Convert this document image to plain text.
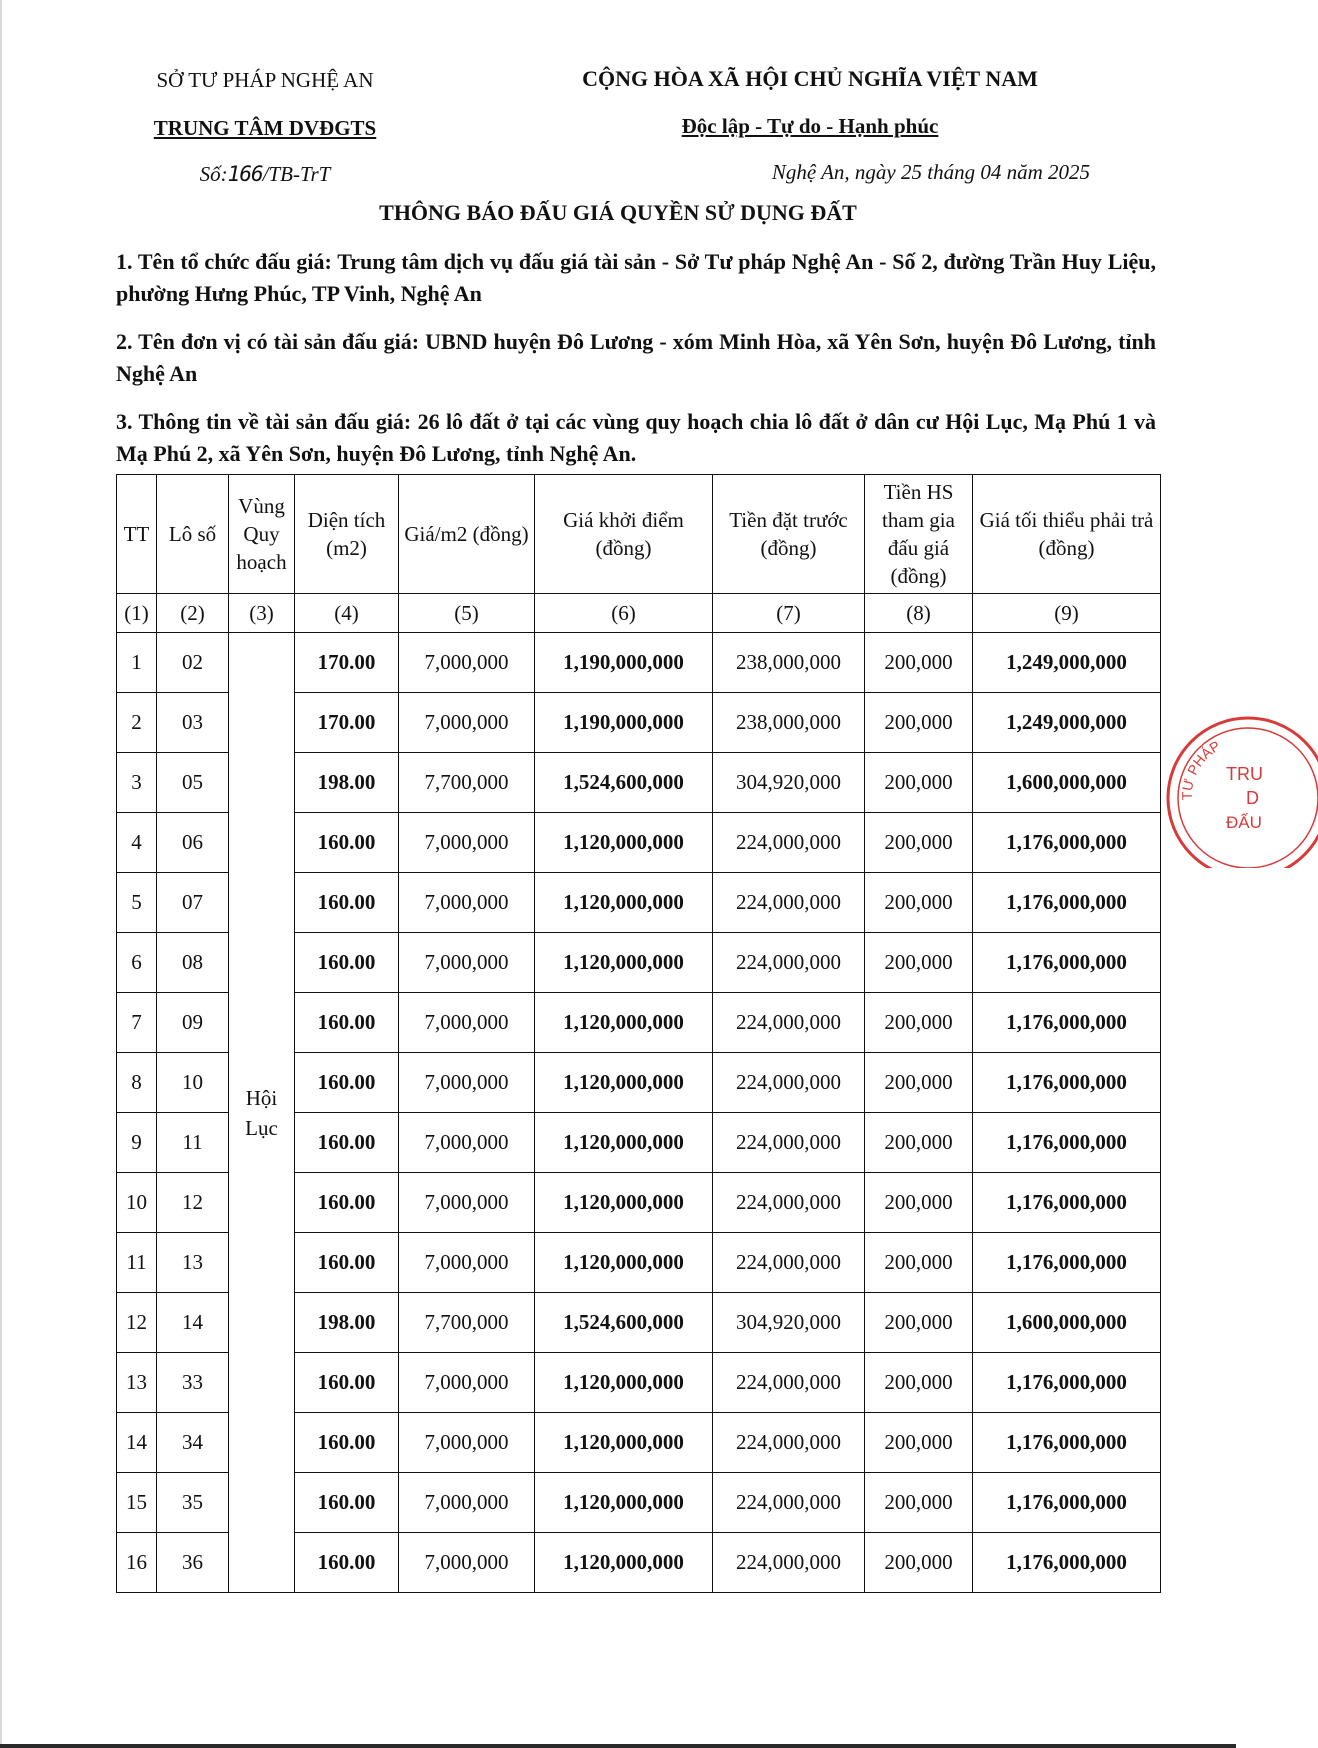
SỞ TƯ PHÁP NGHỆ AN
TRUNG TÂM DVĐGTS
Số:166/TB-TrT
CỘNG HÒA XÃ HỘI CHỦ NGHĨA VIỆT NAM
Độc lập - Tự do - Hạnh phúc
Nghệ An, ngày 25 tháng 04 năm 2025
THÔNG BÁO ĐẤU GIÁ QUYỀN SỬ DỤNG ĐẤT
1. Tên tổ chức đấu giá: Trung tâm dịch vụ đấu giá tài sản - Sở Tư pháp Nghệ An - Số 2, đường Trần Huy Liệu, phường Hưng Phúc, TP Vinh, Nghệ An
2. Tên đơn vị có tài sản đấu giá: UBND huyện Đô Lương - xóm Minh Hòa, xã Yên Sơn, huyện Đô Lương, tỉnh Nghệ An
3. Thông tin về tài sản đấu giá: 26 lô đất ở tại các vùng quy hoạch chia lô đất ở dân cư Hội Lục, Mạ Phú 1 và Mạ Phú 2, xã Yên Sơn, huyện Đô Lương, tỉnh Nghệ An.
TT	Lô số	Vùng Quy hoạch	Diện tích (m2)	Giá/m2 (đồng)	Giá khởi điểm (đồng)	Tiền đặt trước (đồng)	Tiền HS tham gia đấu giá (đồng)	Giá tối thiểu phải trả (đồng)
(1)	(2)	(3)	(4)	(5)	(6)	(7)	(8)	(9)
1	02	Hội Lục	170.00	7,000,000	1,190,000,000	238,000,000	200,000	1,249,000,000
2	03		170.00	7,000,000	1,190,000,000	238,000,000	200,000	1,249,000,000
3	05		198.00	7,700,000	1,524,600,000	304,920,000	200,000	1,600,000,000
4	06		160.00	7,000,000	1,120,000,000	224,000,000	200,000	1,176,000,000
5	07		160.00	7,000,000	1,120,000,000	224,000,000	200,000	1,176,000,000
6	08		160.00	7,000,000	1,120,000,000	224,000,000	200,000	1,176,000,000
7	09		160.00	7,000,000	1,120,000,000	224,000,000	200,000	1,176,000,000
8	10		160.00	7,000,000	1,120,000,000	224,000,000	200,000	1,176,000,000
9	11		160.00	7,000,000	1,120,000,000	224,000,000	200,000	1,176,000,000
10	12		160.00	7,000,000	1,120,000,000	224,000,000	200,000	1,176,000,000
11	13		160.00	7,000,000	1,120,000,000	224,000,000	200,000	1,176,000,000
12	14		198.00	7,700,000	1,524,600,000	304,920,000	200,000	1,600,000,000
13	33		160.00	7,000,000	1,120,000,000	224,000,000	200,000	1,176,000,000
14	34		160.00	7,000,000	1,120,000,000	224,000,000	200,000	1,176,000,000
15	35		160.00	7,000,000	1,120,000,000	224,000,000	200,000	1,176,000,000
16	36		160.00	7,000,000	1,120,000,000	224,000,000	200,000	1,176,000,000
TƯ PHÁP
TRU
D
ĐẤU
